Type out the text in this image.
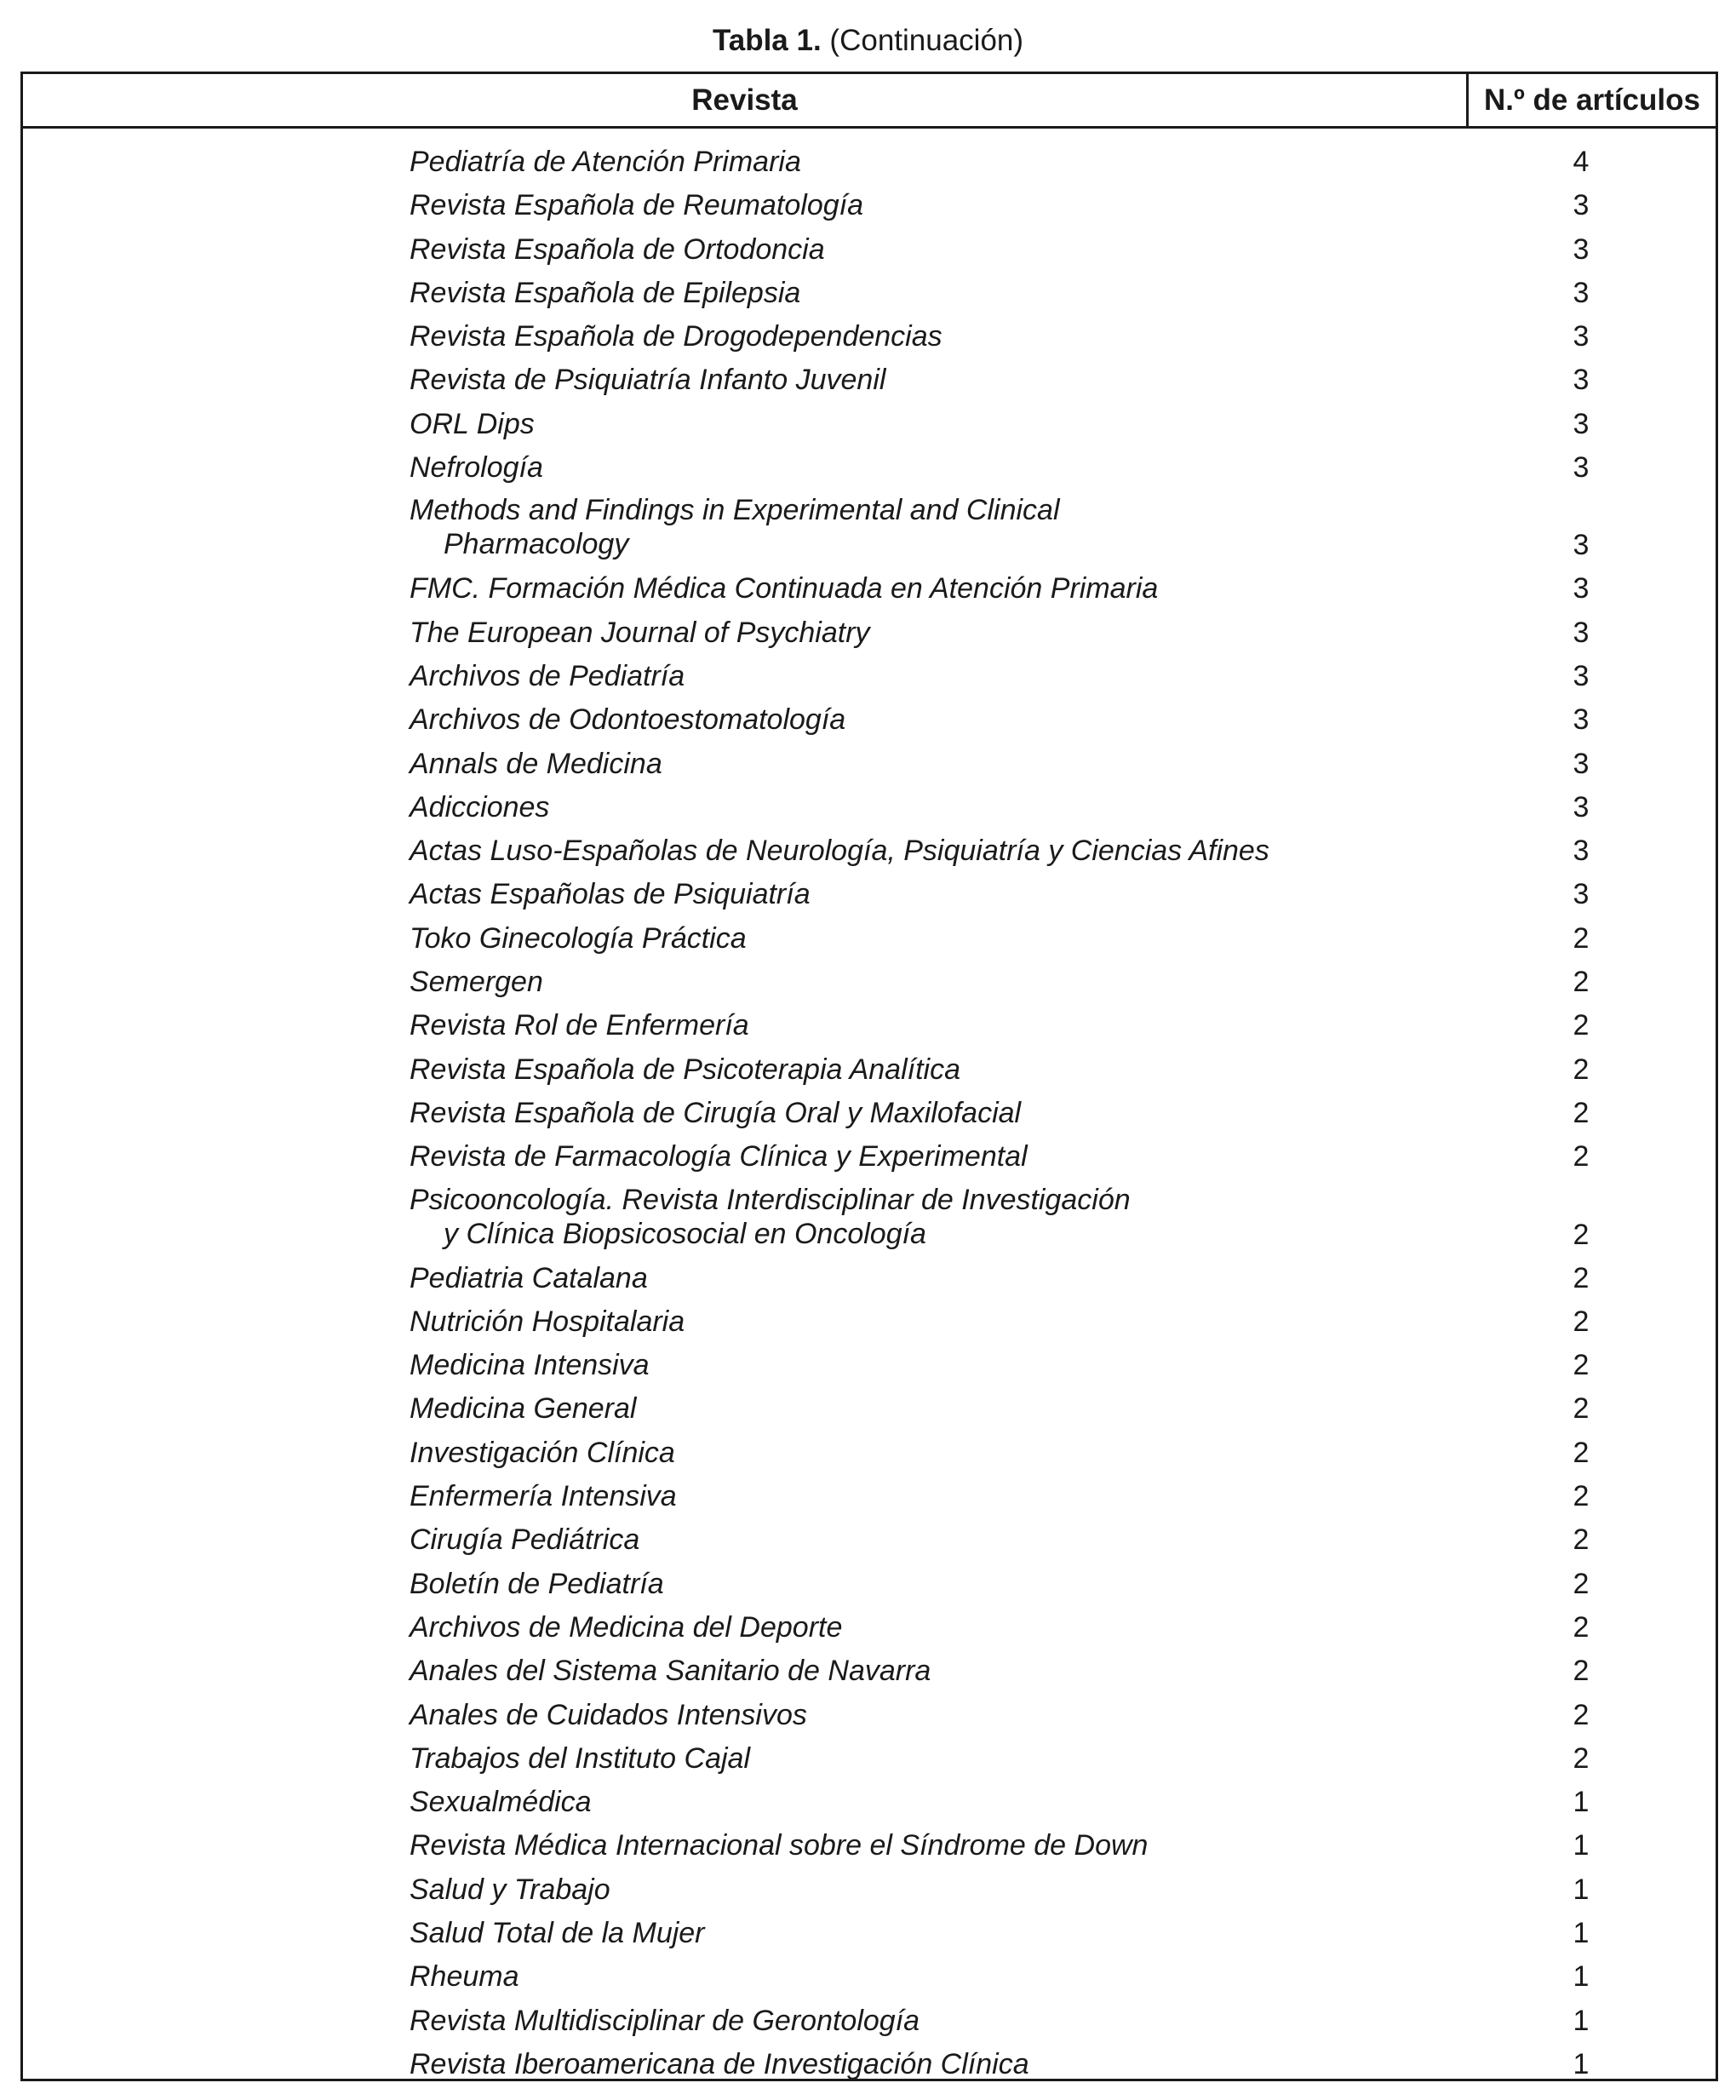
Tabla 1. (Continuación)
Revista	N.º de artículos
Pediatría de Atención Primaria	4
Revista Española de Reumatología	3
Revista Española de Ortodoncia	3
Revista Española de Epilepsia	3
Revista Española de Drogodependencias	3
Revista de Psiquiatría Infanto Juvenil	3
ORL Dips	3
Nefrología	3
Methods and Findings in Experimental and Clinical
Pharmacology	3
FMC. Formación Médica Continuada en Atención Primaria	3
The European Journal of Psychiatry	3
Archivos de Pediatría	3
Archivos de Odontoestomatología	3
Annals de Medicina	3
Adicciones	3
Actas Luso-Españolas de Neurología, Psiquiatría y Ciencias Afines	3
Actas Españolas de Psiquiatría	3
Toko Ginecología Práctica	2
Semergen	2
Revista Rol de Enfermería	2
Revista Española de Psicoterapia Analítica	2
Revista Española de Cirugía Oral y Maxilofacial	2
Revista de Farmacología Clínica y Experimental	2
Psicooncología. Revista Interdisciplinar de Investigación
y Clínica Biopsicosocial en Oncología	2
Pediatria Catalana	2
Nutrición Hospitalaria	2
Medicina Intensiva	2
Medicina General	2
Investigación Clínica	2
Enfermería Intensiva	2
Cirugía Pediátrica	2
Boletín de Pediatría	2
Archivos de Medicina del Deporte	2
Anales del Sistema Sanitario de Navarra	2
Anales de Cuidados Intensivos	2
Trabajos del Instituto Cajal	2
Sexualmédica	1
Revista Médica Internacional sobre el Síndrome de Down	1
Salud y Trabajo	1
Salud Total de la Mujer	1
Rheuma	1
Revista Multidisciplinar de Gerontología	1
Revista Iberoamericana de Investigación Clínica	1
